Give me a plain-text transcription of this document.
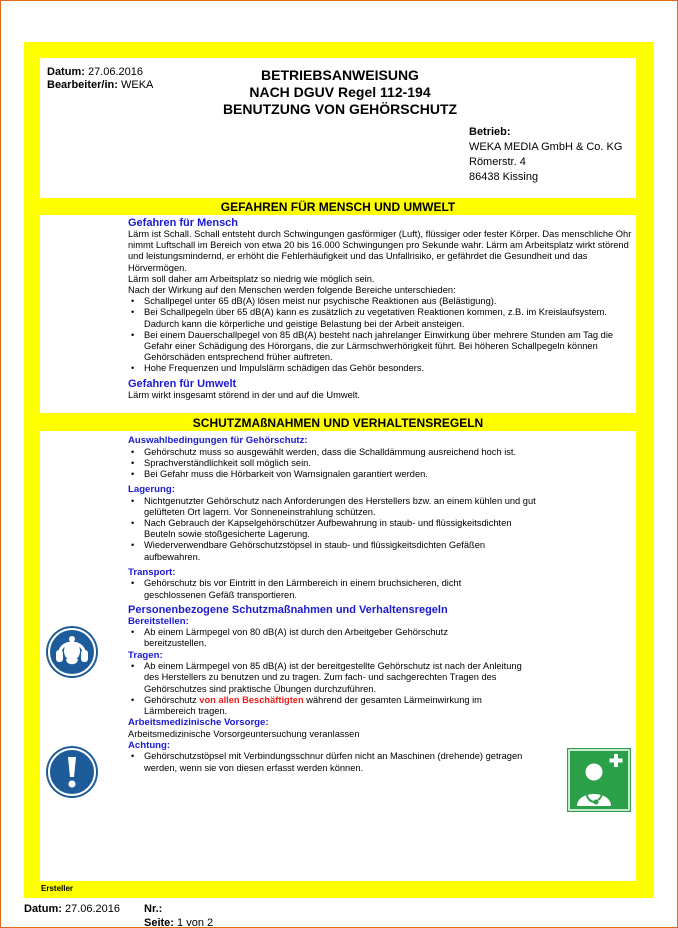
Datum: 27.06.2016
Bearbeiter/in: WEKA
BETRIEBSANWEISUNG
NACH DGUV Regel 112-194
BENUTZUNG VON GEHÖRSCHUTZ
Betrieb:
WEKA MEDIA GmbH & Co. KG
Römerstr. 4
86438 Kissing
GEFAHREN FÜR MENSCH UND UMWELT
Gefahren für Mensch
Lärm ist Schall. Schall entsteht durch Schwingungen gasförmiger (Luft), flüssiger oder fester Körper. Das menschliche Ohr nimmt Luftschall im Bereich von etwa 20 bis 16.000 Schwingungen pro Sekunde wahr. Lärm am Arbeitsplatz wirkt störend und leistungsmindernd, er erhöht die Fehlerhäufigkeit und das Unfallrisiko, er gefährdet die Gesundheit und das Hörvermögen.
Lärm soll daher am Arbeitsplatz so niedrig wie möglich sein.
Nach der Wirkung auf den Menschen werden folgende Bereiche unterschieden:
• Schallpegel unter 65 dB(A) lösen meist nur psychische Reaktionen aus (Belästigung).
• Bei Schallpegeln über 65 dB(A) kann es zusätzlich zu vegetativen Reaktionen kommen, z.B. im Kreislaufsystem. Dadurch kann die körperliche und geistige Belastung bei der Arbeit ansteigen.
• Bei einem Dauerschallpegel von 85 dB(A) besteht nach jahrelanger Einwirkung über mehrere Stunden am Tag die Gefahr einer Schädigung des Hörorgans, die zur Lärmschwerhörigkeit führt. Bei höheren Schallpegeln können Gehörschäden entsprechend früher auftreten.
• Hohe Frequenzen und Impulslärm schädigen das Gehör besonders.
Gefahren für Umwelt
Lärm wirkt insgesamt störend in der und auf die Umwelt.
SCHUTZMAßNAHMEN UND VERHALTENSREGELN
Auswahlbedingungen für Gehörschutz:
• Gehörschutz muss so ausgewählt werden, dass die Schalldämmung ausreichend hoch ist.
• Sprachverständlichkeit soll möglich sein.
• Bei Gefahr muss die Hörbarkeit von Warnsignalen garantiert werden.
Lagerung:
• Nichtgenutzter Gehörschutz nach Anforderungen des Herstellers bzw. an einem kühlen und gut gelüfteten Ort lagern. Vor Sonneneinstrahlung schützen.
• Nach Gebrauch der Kapselgehörschützer Aufbewahrung in staub- und flüssigkeitsdichten Beuteln sowie stoßgesicherte Lagerung.
• Wiederverwendbare Gehörschutzstöpsel in staub- und flüssigkeitsdichten Gefäßen aufbewahren.
Transport:
• Gehörschutz bis vor Eintritt in den Lärmbereich in einem bruchsicheren, dicht geschlossenen Gefäß transportieren.
Personenbezogene Schutzmaßnahmen und Verhaltensregeln
Bereitstellen:
• Ab einem Lärmpegel von 80 dB(A) ist durch den Arbeitgeber Gehörschutz bereitzustellen.
Tragen:
• Ab einem Lärmpegel von 85 dB(A) ist der bereitgestellte Gehörschutz ist nach der Anleitung des Herstellers zu benutzen und zu tragen. Zum fach- und sachgerechten Tragen des Gehörschutzes sind praktische Übungen durchzuführen.
• Gehörschutz von allen Beschäftigten während der gesamten Lärmeinwirkung im Lärmbereich tragen.
Arbeitsmedizinische Vorsorge:
Arbeitsmedizinische Vorsorgeuntersuchung veranlassen
Achtung:
• Gehörschutzstöpsel mit Verbindungsschnur dürfen nicht an Maschinen (drehende) getragen werden, wenn sie von diesen erfasst werden können.
Ersteller
Datum: 27.06.2016 Nr.:
Seite: 1 von 2
